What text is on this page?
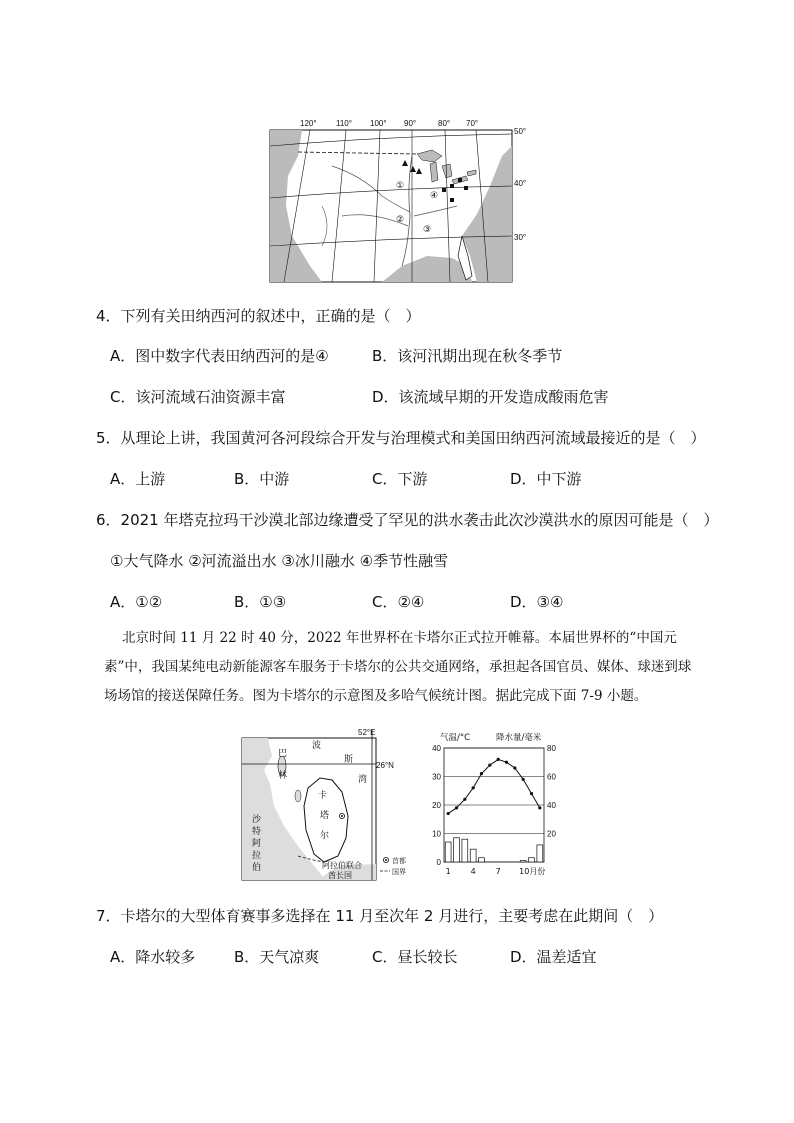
120° 110° 100° 90°	80° 70°
50°
40°
30°
①
②
③
④
4．下列有关田纳西河的叙述中，正确的是（　）
A．图中数字代表田纳西河的是④	B．该河汛期出现在秋冬季节
C．该河流域石油资源丰富	D．该流域早期的开发造成酸雨危害
5．从理论上讲，我国黄河各河段综合开发与治理模式和美国田纳西河流域最接近的是（　）
A．上游	B．中游	C．下游	D．中下游
6．2021 年塔克拉玛干沙漠北部边缘遭受了罕见的洪水袭击此次沙漠洪水的原因可能是（　）
①大气降水 ②河流溢出水 ③冰川融水 ④季节性融雪
A．①②	B．①③	C．②④	D．③④
北京时间 11 月 22 时 40 分，2022 年世界杯在卡塔尔正式拉开帷幕。本届世界杯的“中国元素”中，我国某纯电动新能源客车服务于卡塔尔的公共交通网络，承担起各国官员、媒体、球迷到球场场馆的接送保障任务。图为卡塔尔的示意图及多哈气候统计图。据此完成下面 7-9 小题。
52°E
26°N
波
斯
湾
巴
林
卡
塔
尔
沙
特
阿
拉
伯	阿拉伯联合
酋长国
首都
国界
气温/°C	降水量/毫米
40
30
20
10
0
80
60
40
20
1 4 7 10月份
7．卡塔尔的大型体育赛事多选择在 11 月至次年 2 月进行，主要考虑在此期间（　）
A．降水较多	B．天气凉爽	C．昼长较长	D．温差适宜
